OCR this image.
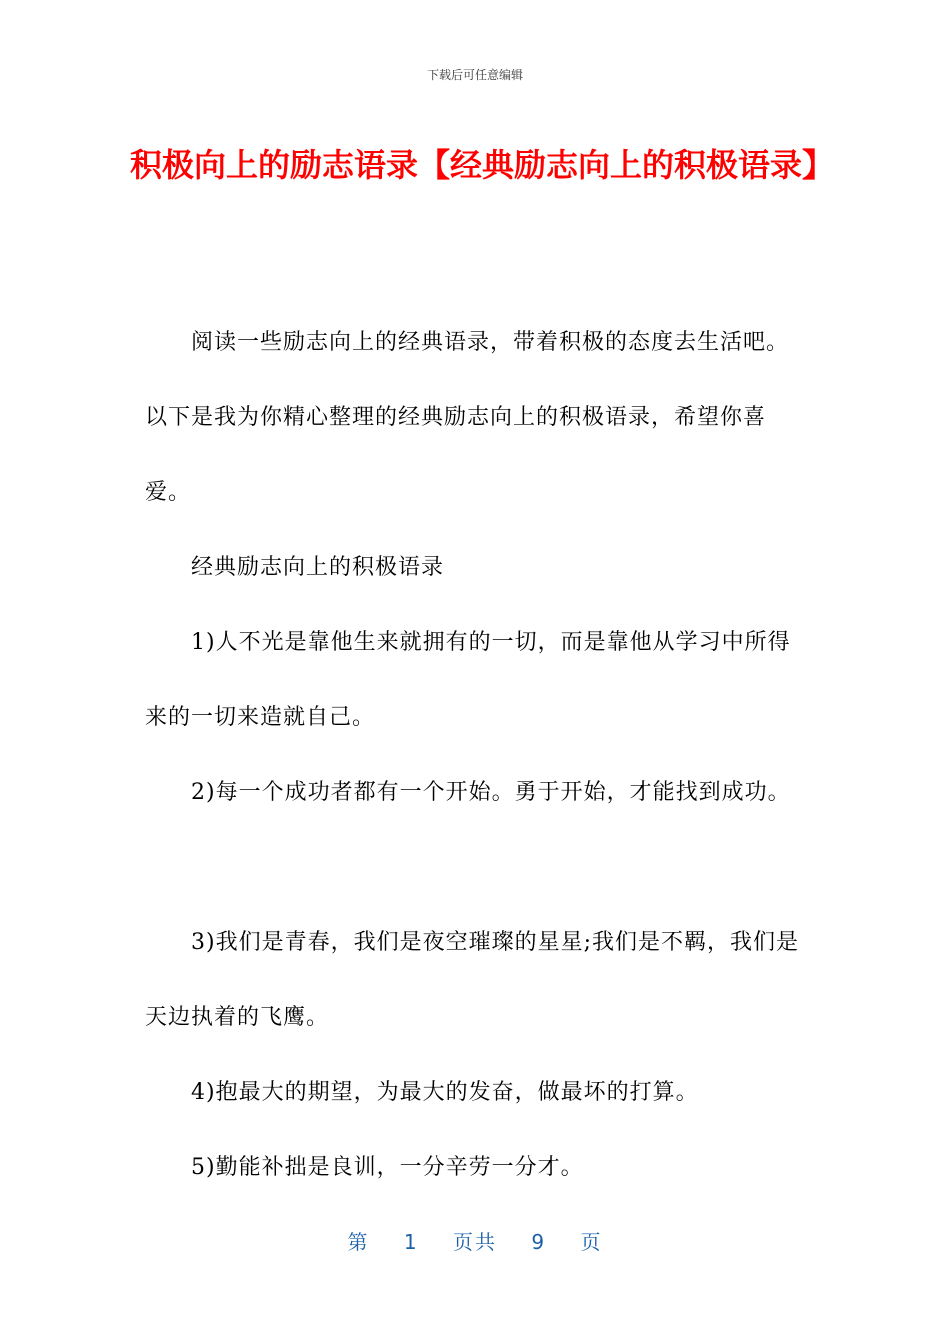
下载后可任意编辑
积极向上的励志语录【经典励志向上的积极语录】

阅读一些励志向上的经典语录，带着积极的态度去生活吧。以下是我为你精心整理的经典励志向上的积极语录，希望你喜爱。

经典励志向上的积极语录

1)人不光是靠他生来就拥有的一切，而是靠他从学习中所得来的一切来造就自己。

2)每一个成功者都有一个开始。勇于开始，才能找到成功。

3)我们是青春，我们是夜空璀璨的星星;我们是不羁，我们是天边执着的飞鹰。

4)抱最大的期望，为最大的发奋，做最坏的打算。

5)勤能补拙是良训，一分辛劳一分才。

第 1 页共 9 页
